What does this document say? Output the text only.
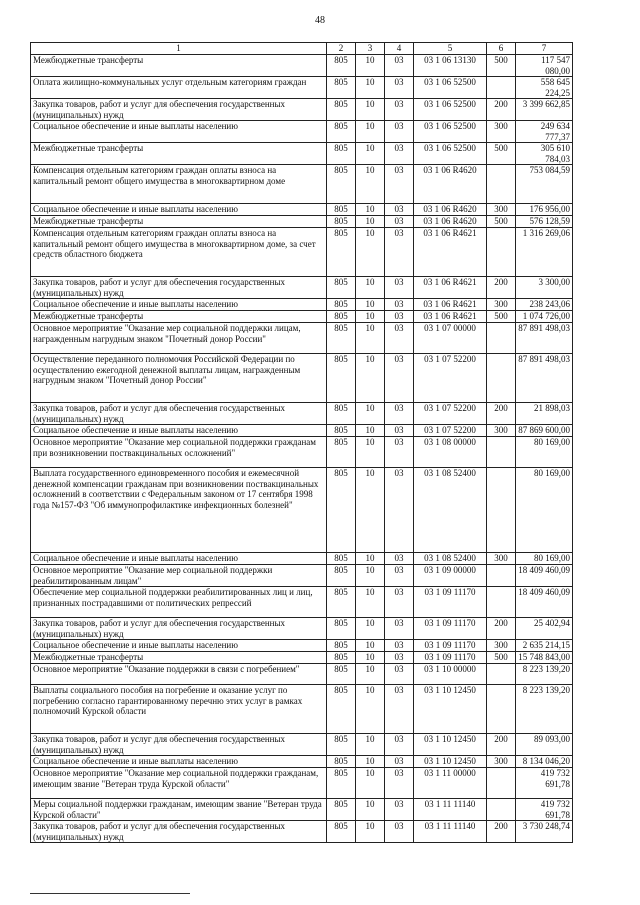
48
1	2	3	4	5	6	7
Межбюджетные трансферты	805	10	03	03 1 06 13130	500	117 547 080,00
Оплата жилищно-коммунальных услуг отдельным категориям граждан	805	10	03	03 1 06 52500		558 645 224,25
Закупка товаров, работ и услуг для обеспечения государственных (муниципальных) нужд	805	10	03	03 1 06 52500	200	3 399 662,85
Социальное обеспечение и иные выплаты населению	805	10	03	03 1 06 52500	300	249 634 777,37
Межбюджетные трансферты	805	10	03	03 1 06 52500	500	305 610 784,03
Компенсация отдельным категориям граждан оплаты взноса на капитальный ремонт общего имущества в многоквартирном доме	805	10	03	03 1 06 R4620		753 084,59
Социальное обеспечение и иные выплаты населению	805	10	03	03 1 06 R4620	300	176 956,00
Межбюджетные трансферты	805	10	03	03 1 06 R4620	500	576 128,59
Компенсация отдельным категориям граждан оплаты взноса на капитальный ремонт общего имущества в многоквартирном доме, за счет средств областного бюджета	805	10	03	03 1 06 R4621		1 316 269,06
Закупка товаров, работ и услуг для обеспечения государственных (муниципальных) нужд	805	10	03	03 1 06 R4621	200	3 300,00
Социальное обеспечение и иные выплаты населению	805	10	03	03 1 06 R4621	300	238 243,06
Межбюджетные трансферты	805	10	03	03 1 06 R4621	500	1 074 726,00
Основное мероприятие "Оказание мер социальной поддержки лицам, награжденным нагрудным знаком "Почетный донор России"	805	10	03	03 1 07 00000		87 891 498,03
Осуществление переданного полномочия Российской Федерации по осуществлению ежегодной денежной выплаты лицам, награжденным нагрудным знаком "Почетный донор России"	805	10	03	03 1 07 52200		87 891 498,03
Закупка товаров, работ и услуг для обеспечения государственных (муниципальных) нужд	805	10	03	03 1 07 52200	200	21 898,03
Социальное обеспечение и иные выплаты населению	805	10	03	03 1 07 52200	300	87 869 600,00
Основное мероприятие "Оказание мер социальной поддержки гражданам при возникновении поствакцинальных осложнений"	805	10	03	03 1 08 00000		80 169,00
Выплата государственного единовременного пособия и ежемесячной денежной компенсации гражданам при возникновении поствакцинальных осложнений в соответствии с Федеральным законом от 17 сентября 1998 года №157-ФЗ "Об иммунопрофилактике инфекционных болезней"	805	10	03	03 1 08 52400		80 169,00
Социальное обеспечение и иные выплаты населению	805	10	03	03 1 08 52400	300	80 169,00
Основное мероприятие "Оказание мер социальной поддержки реабилитированным лицам"	805	10	03	03 1 09 00000		18 409 460,09
Обеспечение мер социальной поддержки реабилитированных лиц и лиц, признанных пострадавшими от политических репрессий	805	10	03	03 1 09 11170		18 409 460,09
Закупка товаров, работ и услуг для обеспечения государственных (муниципальных) нужд	805	10	03	03 1 09 11170	200	25 402,94
Социальное обеспечение и иные выплаты населению	805	10	03	03 1 09 11170	300	2 635 214,15
Межбюджетные трансферты	805	10	03	03 1 09 11170	500	15 748 843,00
Основное мероприятие "Оказание поддержки в связи с погребением"	805	10	03	03 1 10 00000		8 223 139,20
Выплаты социального пособия на погребение и оказание услуг по погребению согласно гарантированному перечню этих услуг в рамках полномочий Курской области	805	10	03	03 1 10 12450		8 223 139,20
Закупка товаров, работ и услуг для обеспечения государственных (муниципальных) нужд	805	10	03	03 1 10 12450	200	89 093,00
Социальное обеспечение и иные выплаты населению	805	10	03	03 1 10 12450	300	8 134 046,20
Основное мероприятие "Оказание мер социальной поддержки гражданам, имеющим звание "Ветеран труда Курской области"	805	10	03	03 1 11 00000		419 732 691,78
Меры социальной поддержки гражданам, имеющим звание "Ветеран труда Курской области"	805	10	03	03 1 11 11140		419 732 691,78
Закупка товаров, работ и услуг для обеспечения государственных (муниципальных) нужд	805	10	03	03 1 11 11140	200	3 730 248,74
